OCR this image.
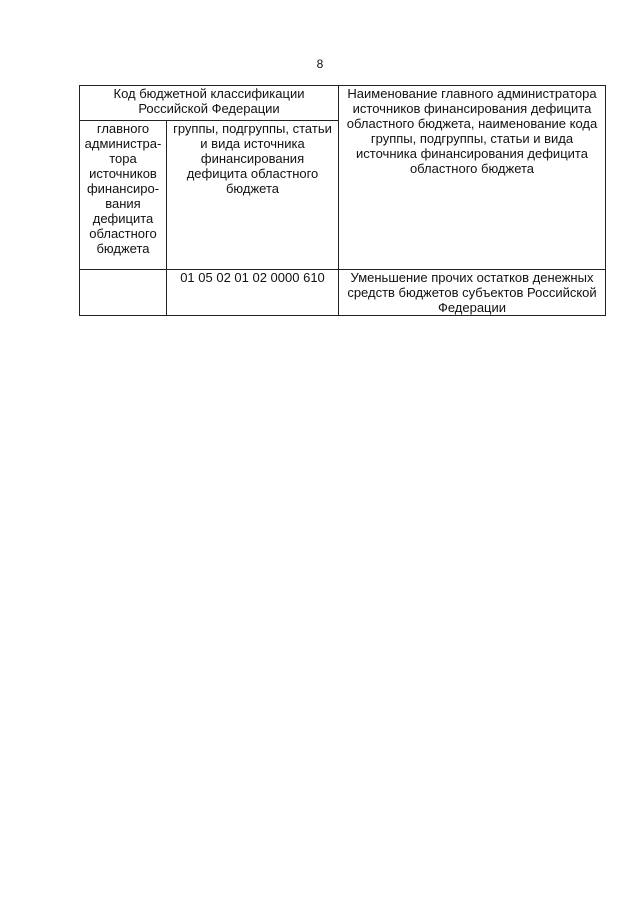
8
Код бюджетной классификации Российской Федерации		Наименование главного администратора источников финансирования дефицита областного бюджета, наименование кода группы, подгруппы, статьи и вида источника финансирования дефицита областного бюджета
главного администра-тора источников финансиро-вания дефицита областного бюджета	группы, подгруппы, статьи и вида источника финансирования дефицита областного бюджета	
	01 05 02 01 02 0000 610	Уменьшение прочих остатков денежных средств бюджетов субъектов Российской Федерации
